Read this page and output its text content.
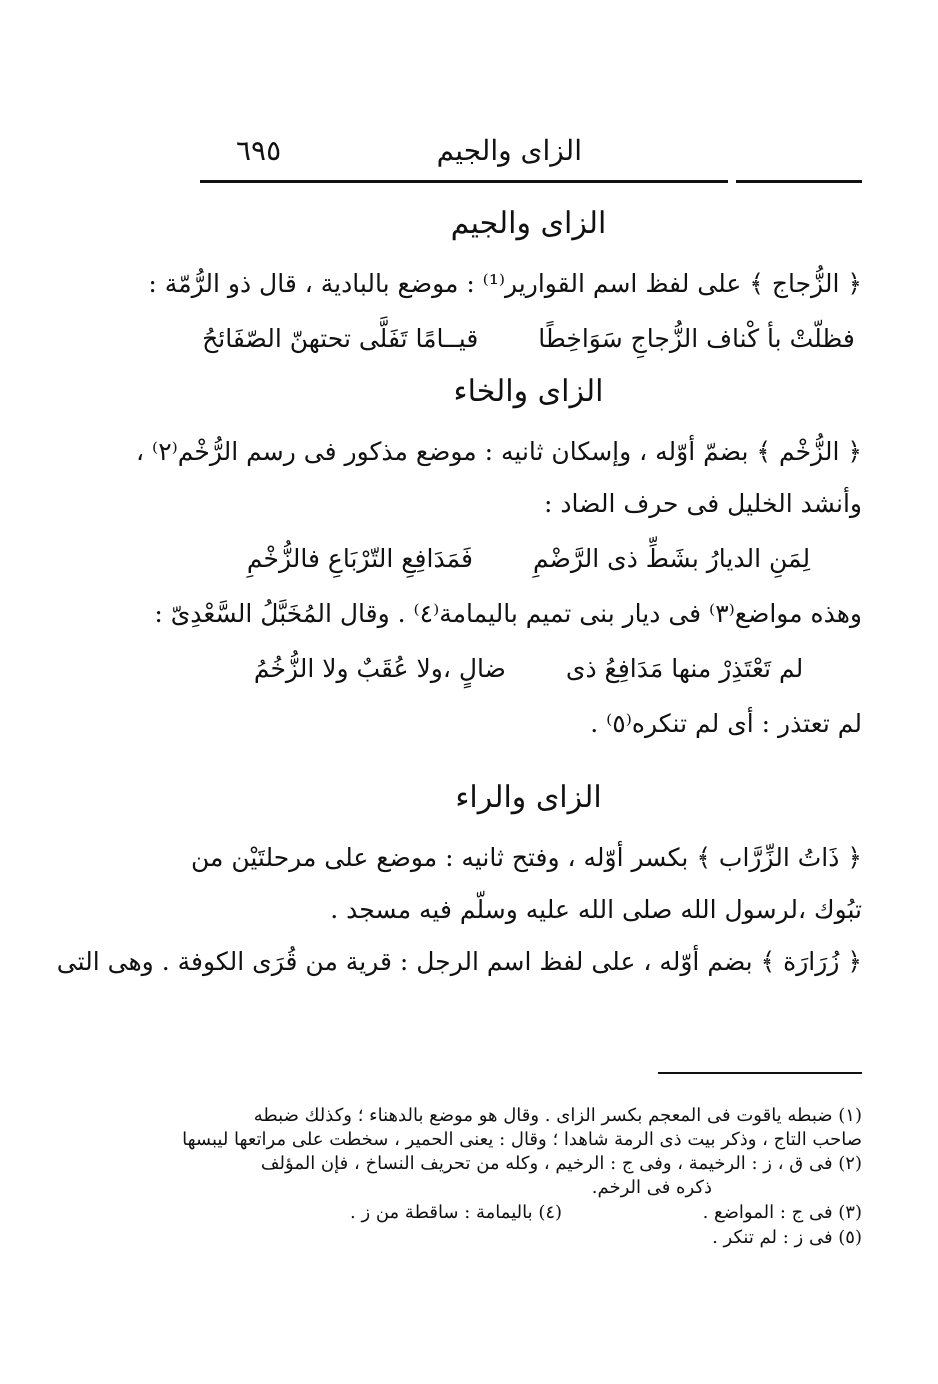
الزاى والجيم
٦٩٥
الزاى والجيم
﴿ الزُّجاج ﴾ على لفظ اسم القوارير⁽¹⁾ : موضع بالبادية ، قال ذو الرُّمّة :
فظلّتْ بأ كْناف الزُّجاجِ سَوَاخِطًا
قيــامًا تَفَلَّى تحتهنّ الصّفَائحُ
الزاى والخاء
﴿ الزُّخْم ﴾ بضمّ أوّله ، وإسكان ثانيه : موضع مذكور فى رسم الرُّخْم⁽٢⁾ ،
وأنشد الخليل فى حرف الضاد :
لِمَنِ الديارُ بشَطِّ ذى الرَّضْمِ
فَمَدَافِعِ التّرْبَاعِ فالزُّخْمِ
وهذه مواضع⁽٣⁾ فى ديار بنى تميم باليمامة⁽٤⁾ . وقال المُخَبَّلُ السَّعْدِىّ :
لم تَعْتَذِرْ منها مَدَافِعُ ذى
ضالٍ ،ولا عُقَبٌ ولا الزُّخُمُ
لم تعتذر : أى لم تنكره⁽٥⁾ .
الزاى والراء
﴿ ذَاتُ الزِّرَّاب ﴾ بكسر أوّله ، وفتح ثانيه : موضع على مرحلتَيْن من
تبُوك ،لرسول الله صلى الله عليه وسلّم فيه مسجد .
﴿ زُرَارَة ﴾ بضم أوّله ، على لفظ اسم الرجل : قرية من قُرَى الكوفة . وهى التى
(١) ضبطه ياقوت فى المعجم بكسر الزاى . وقال هو موضع بالدهناء ؛ وكذلك ضبطه
صاحب التاج ، وذكر بيت ذى الرمة شاهدا ؛ وقال : يعنى الحمير ، سخطت على مراتعها ليبسها
(٢) فى ق ، ز : الرخيمة ، وفى ج : الرخيم ، وكله من تحريف النساخ ، فإن المؤلف
ذكره فى الرخم.
(٣) فى ج : المواضع .
(٤) باليمامة : ساقطة من ز .
(٥) فى ز : لم تنكر .
